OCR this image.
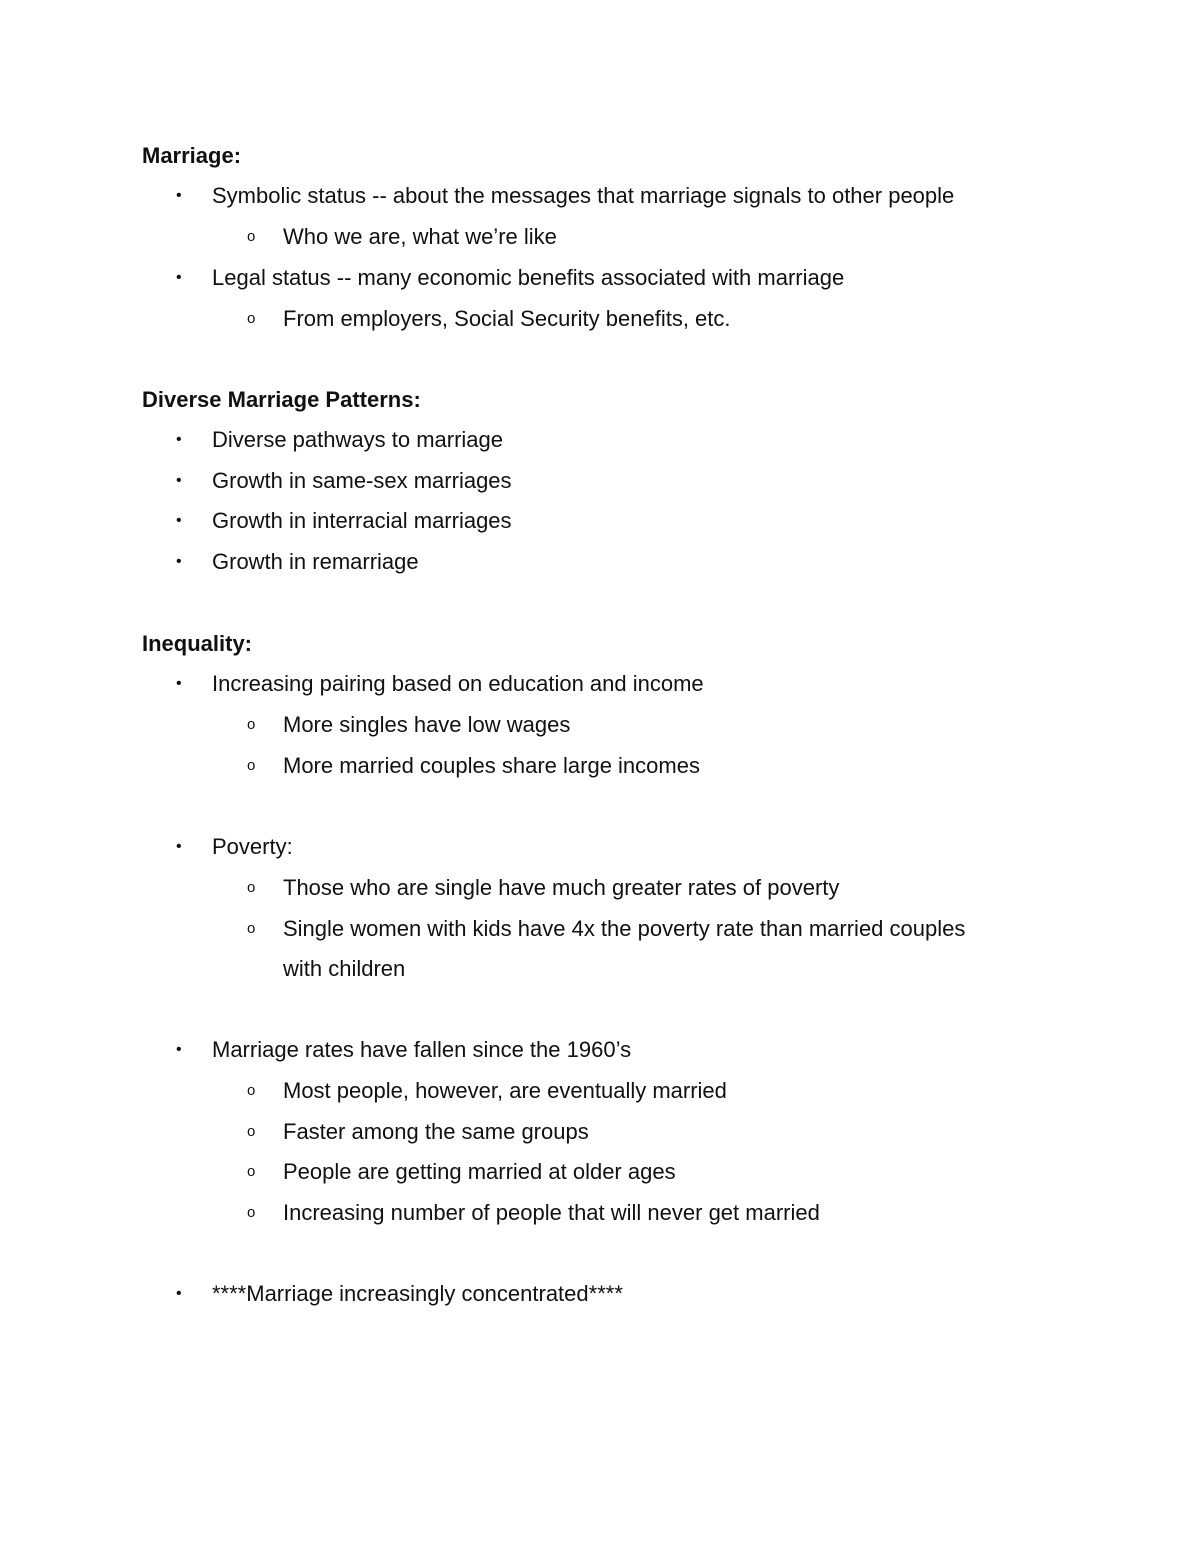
Marriage:
• Symbolic status -- about the messages that marriage signals to other people
o Who we are, what we’re like
• Legal status -- many economic benefits associated with marriage
o From employers, Social Security benefits, etc.
Diverse Marriage Patterns:
• Diverse pathways to marriage
• Growth in same-sex marriages
• Growth in interracial marriages
• Growth in remarriage
Inequality:
• Increasing pairing based on education and income
o More singles have low wages
o More married couples share large incomes
• Poverty:
o Those who are single have much greater rates of poverty
o Single women with kids have 4x the poverty rate than married couples
with children
• Marriage rates have fallen since the 1960’s
o Most people, however, are eventually married
o Faster among the same groups
o People are getting married at older ages
o Increasing number of people that will never get married
• ****Marriage increasingly concentrated****
